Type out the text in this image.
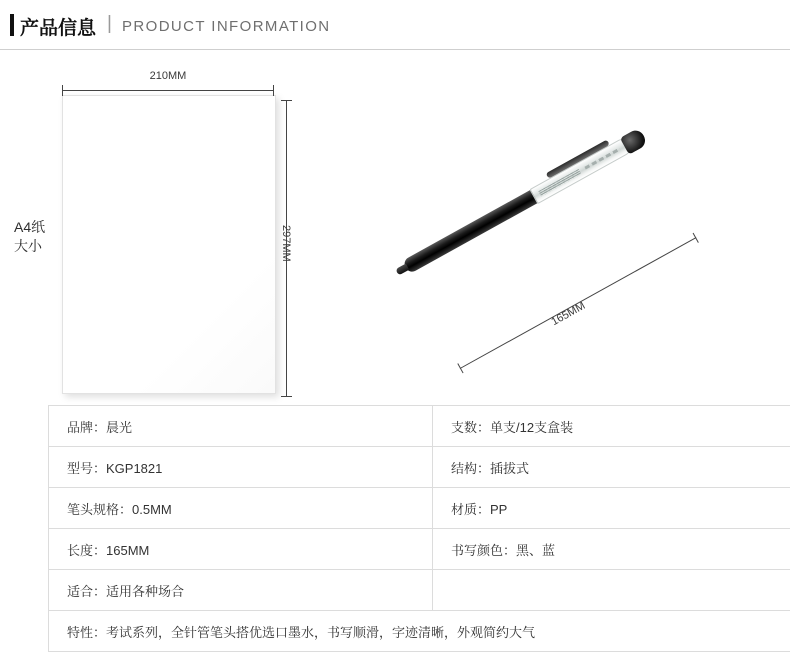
产品信息 | PRODUCT INFORMATION
210MM
297MM
A4纸
大小
165MM
品牌：晨光	支数：单支/12支盒装
型号：KGP1821	结构：插拔式
笔头规格：0.5MM	材质：PP
长度：165MM	书写颜色：黑、蓝
适合：适用各种场合	
特性：考试系列，全针管笔头搭优选口墨水，书写顺滑，字迹清晰，外观简约大气	
